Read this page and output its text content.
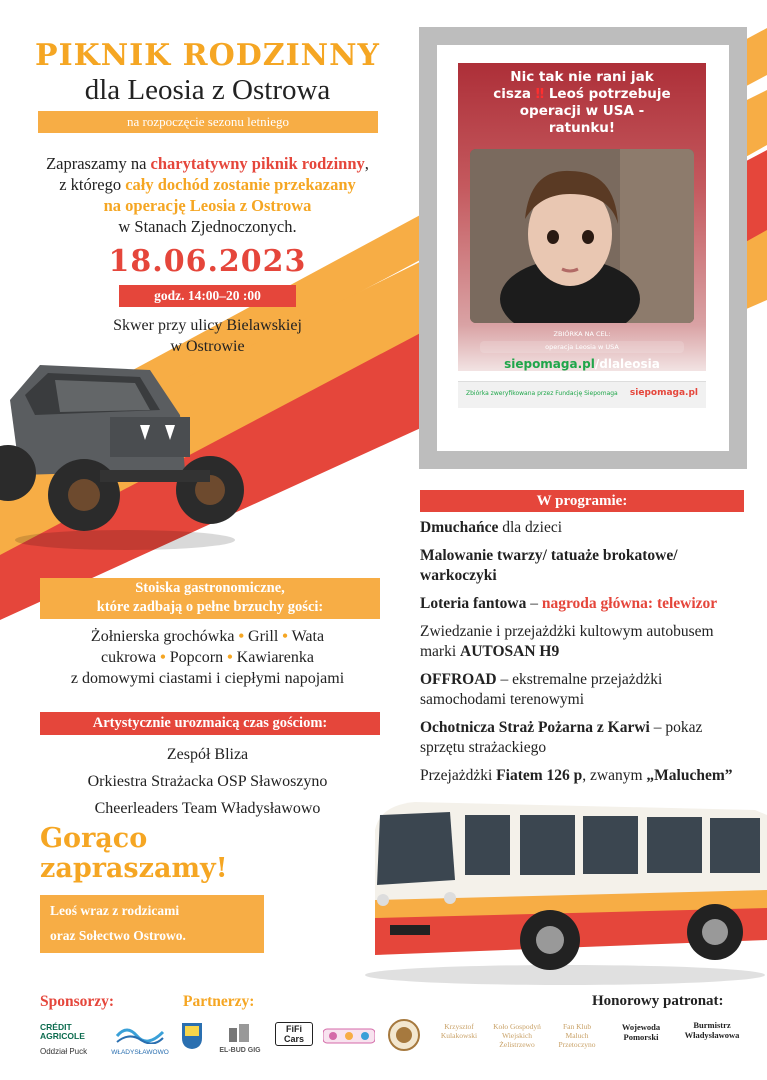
PIKNIK RODZINNY
dla Leosia z Ostrowa
na rozpoczęcie sezonu letniego
Zapraszamy na charytatywny piknik rodzinny,
z którego cały dochód zostanie przekazany
na operację Leosia z Ostrowa
w Stanach Zjednoczonych.
18.06.2023
godz. 14:00–20 :00
Skwer przy ulicy Bielawskiej
w Ostrowie
Nic tak nie rani jak
cisza ‼ Leoś potrzebuje
operacji w USA -
ratunku!
ZBIÓRKA NA CEL:
operacja Leosia w USA
siepomaga.pl/dlaleosia
Zbiórka zweryfikowana przez Fundację Siepomaga siepomaga.pl
W programie:
Dmuchańce dla dzieci
Malowanie twarzy/ tatuaże brokatowe/ warkoczyki
Loteria fantowa – nagroda główna: telewizor
Zwiedzanie i przejażdżki kultowym autobusem marki AUTOSAN H9
OFFROAD – ekstremalne przejażdżki samochodami terenowymi
Ochotnicza Straż Pożarna z Karwi – pokaz sprzętu strażackiego
Przejażdżki Fiatem 126 p, zwanym „Maluchem”
Stoiska gastronomiczne,
które zadbają o pełne brzuchy gości:
Żołnierska grochówka • Grill • Wata
cukrowa • Popcorn • Kawiarenka
z domowymi ciastami i ciepłymi napojami
Artystycznie urozmaicą czas gościom:
Zespół Bliza
Orkiestra Strażacka OSP Sławoszyno
Cheerleaders Team Władysławowo
Gorąco
zapraszamy!
Leoś wraz z rodzicami
oraz Sołectwo Ostrowo.
Sponsorzy:	Partnerzy:	Honorowy patronat:
CRÉDIT
AGRICOLE
Oddział Puck	WŁADYSŁAWOWO	EL-BUD GIG
FiFi Cars
Krzysztof
Kulakowski
Koło Gospodyń
Wiejskich
Żelistrzewo
Fan Klub
Maluch
Przetoczyno
Wojewoda
Pomorski
Burmistrz
Władysławowa
